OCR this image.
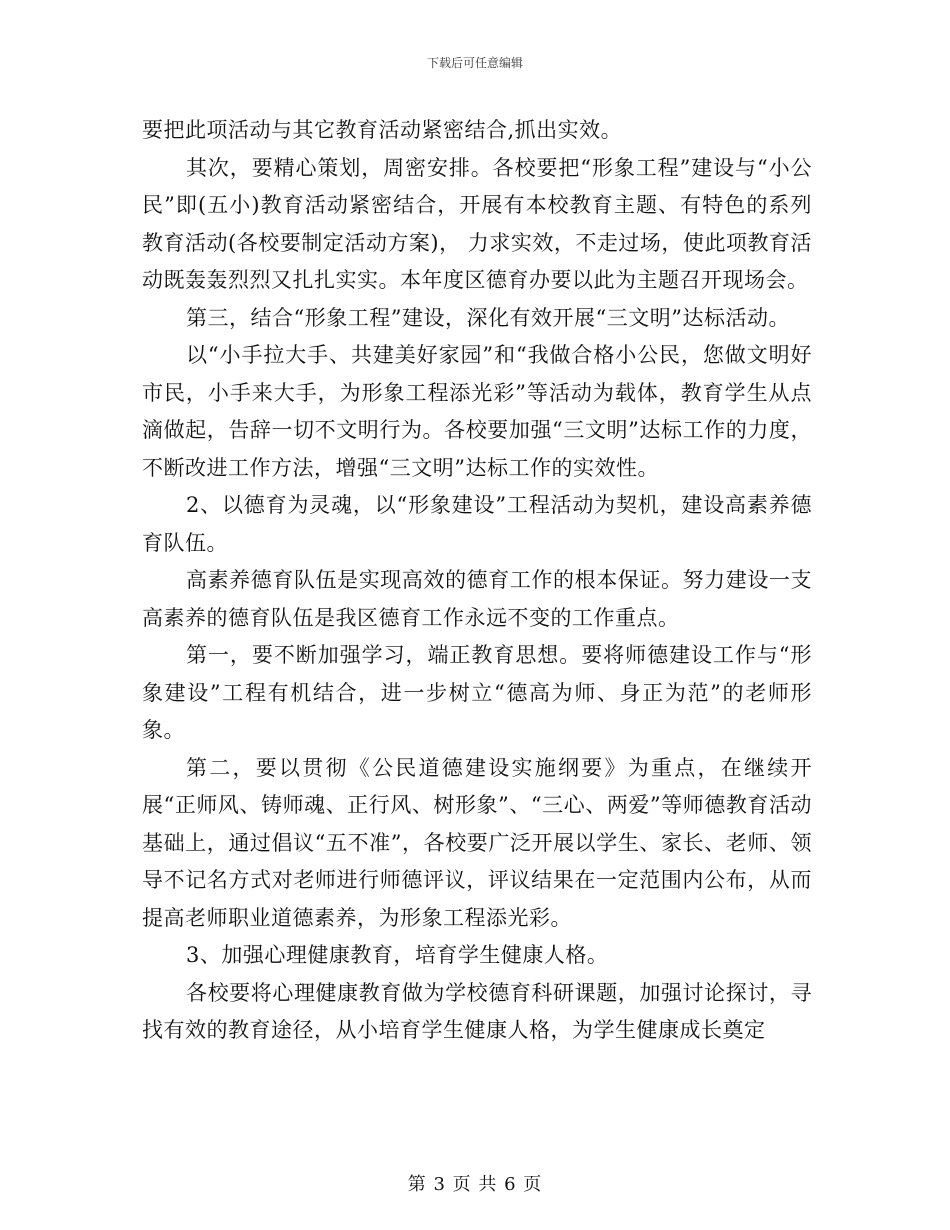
下载后可任意编辑

要把此项活动与其它教育活动紧密结合,抓出实效。

其次，要精心策划，周密安排。各校要把“形象工程”建设与“小公民”即(五小)教育活动紧密结合，开展有本校教育主题、有特色的系列教育活动(各校要制定活动方案)， 力求实效，不走过场，使此项教育活动既轰轰烈烈又扎扎实实。本年度区德育办要以此为主题召开现场会。

第三，结合“形象工程”建设，深化有效开展“三文明”达标活动。

以“小手拉大手、共建美好家园”和“我做合格小公民，您做文明好市民，小手来大手，为形象工程添光彩”等活动为载体，教育学生从点滴做起，告辞一切不文明行为。各校要加强“三文明”达标工作的力度，不断改进工作方法，增强“三文明”达标工作的实效性。

2、以德育为灵魂，以“形象建设”工程活动为契机，建设高素养德育队伍。

高素养德育队伍是实现高效的德育工作的根本保证。努力建设一支高素养的德育队伍是我区德育工作永远不变的工作重点。

第一，要不断加强学习，端正教育思想。要将师德建设工作与“形象建设”工程有机结合，进一步树立“德高为师、身正为范”的老师形象。

第二，要以贯彻《公民道德建设实施纲要》为重点，在继续开展“正师风、铸师魂、正行风、树形象”、“三心、两爱”等师德教育活动基础上，通过倡议“五不准”，各校要广泛开展以学生、家长、老师、领导不记名方式对老师进行师德评议，评议结果在一定范围内公布，从而提高老师职业道德素养，为形象工程添光彩。

3、加强心理健康教育，培育学生健康人格。

各校要将心理健康教育做为学校德育科研课题，加强讨论探讨，寻找有效的教育途径，从小培育学生健康人格，为学生健康成长奠定

第 3 页 共 6 页
